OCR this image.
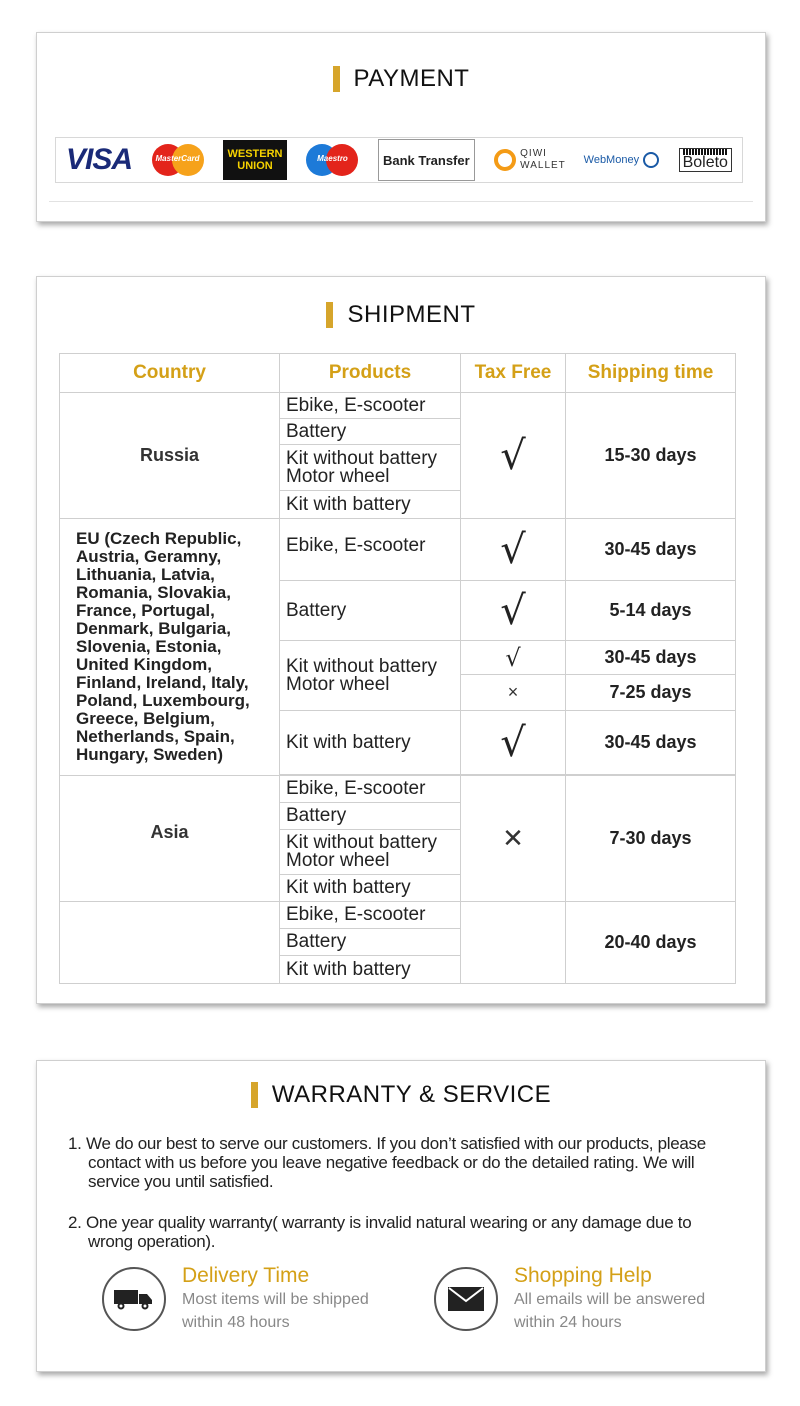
PAYMENT
VISA	MasterCard	WESTERN UNION
Maestro	Bank Transfer	QIWI WALLET WebMoney	Boleto
SHIPMENT
Country	Products	Tax Free	Shipping time
Russia	Ebike, E-scooter	√	15-30 days
	Battery		
	Kit without battery
Motor wheel		
	Kit with battery		
EU (Czech Republic, Austria, Geramny, Lithuania, Latvia, Romania, Slovakia, France, Portugal, Denmark, Bulgaria, Slovenia, Estonia, United Kingdom, Finland, Ireland, Italy, Poland, Luxembourg, Greece, Belgium, Netherlands, Spain, Hungary, Sweden)	Ebike, E-scooter	√	30-45 days
	Battery	√	5-14 days
	Kit without battery
Motor wheel	√	30-45 days
		×	7-25 days
	Kit with battery	√	30-45 days

Asia	Ebike, E-scooter	✕	7-30 days
	Battery		
	Kit without battery
Motor wheel		
	Kit with battery		
	Ebike, E-scooter		20-40 days
	Battery		
	Kit with battery		
WARRANTY & SERVICE
1. We do our best to serve our customers. If you don’t satisfied with our products, please
contact with us before you leave negative feedback or do the detailed rating. We will
service you until satisfied.
2. One year quality warranty( warranty is invalid natural wearing or any damage due to
wrong operation).
Delivery Time
Most items will be shipped
within 48 hours
Shopping Help
All emails will be answered
within 24 hours
